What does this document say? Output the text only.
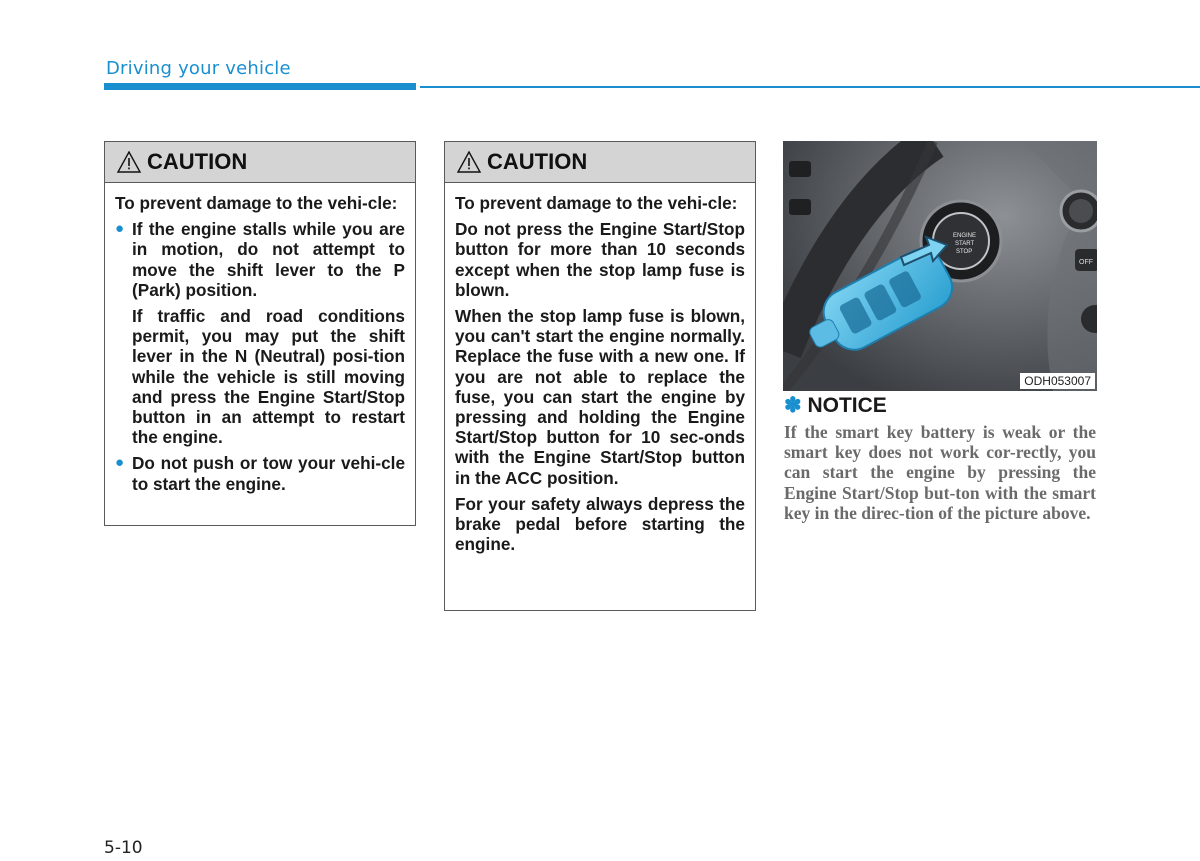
Driving your vehicle
CAUTION

To prevent damage to the vehi-cle:

● If the engine stalls while you are in motion, do not attempt to move the shift lever to the P (Park) position.
If traffic and road conditions permit, you may put the shift lever in the N (Neutral) posi-tion while the vehicle is still moving and press the Engine Start/Stop button in an attempt to restart the engine.
● Do not push or tow your vehi-cle to start the engine.
CAUTION

To prevent damage to the vehi-cle:

Do not press the Engine Start/Stop button for more than 10 seconds except when the stop lamp fuse is blown.

When the stop lamp fuse is blown, you can't start the engine normally. Replace the fuse with a new one. If you are not able to replace the fuse, you can start the engine by pressing and holding the Engine Start/Stop button for 10 sec-onds with the Engine Start/Stop button in the ACC position.

For your safety always depress the brake pedal before starting the engine.

OFF
ENGINE
START
STOP
ODH053007
✽ NOTICE
If the smart key battery is weak or the smart key does not work cor-rectly, you can start the engine by pressing the Engine Start/Stop but-ton with the smart key in the direc-tion of the picture above.
5-10
